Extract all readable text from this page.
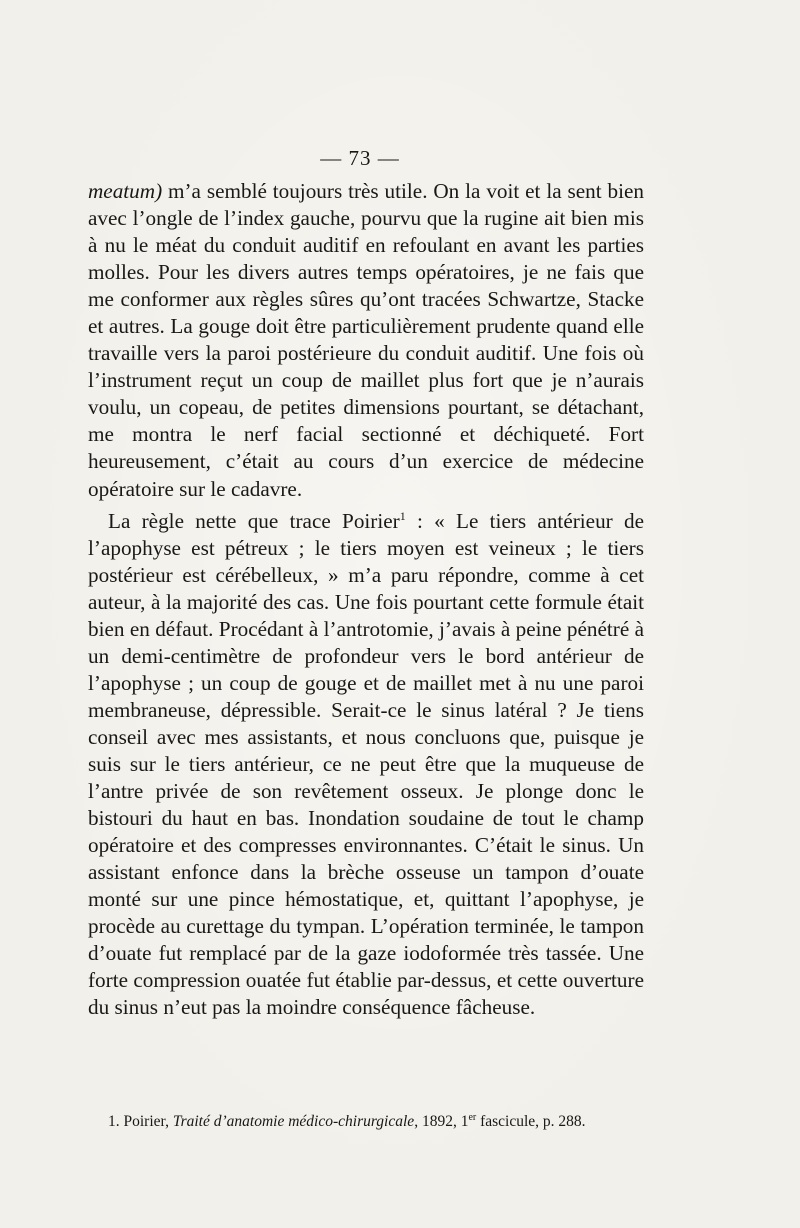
— 73 —

meatum) m’a semblé toujours très utile. On la voit et la sent bien avec l’ongle de l’index gauche, pourvu que la rugine ait bien mis à nu le méat du conduit auditif en refoulant en avant les parties molles. Pour les divers autres temps opératoires, je ne fais que me conformer aux règles sûres qu’ont tracées Schwartze, Stacke et autres. La gouge doit être particulièrement prudente quand elle travaille vers la paroi postérieure du conduit auditif. Une fois où l’instrument reçut un coup de maillet plus fort que je n’aurais voulu, un copeau, de petites dimensions pourtant, se détachant, me montra le nerf facial sectionné et déchiqueté. Fort heureusement, c’était au cours d’un exercice de médecine opératoire sur le cadavre.

La règle nette que trace Poirier$^1$ : « Le tiers antérieur de l’apophyse est pétreux ; le tiers moyen est veineux ; le tiers postérieur est cérébelleux, » m’a paru répondre, comme à cet auteur, à la majorité des cas. Une fois pourtant cette formule était bien en défaut. Procédant à l’antrotomie, j’avais à peine pénétré à un demi-centimètre de profondeur vers le bord antérieur de l’apophyse ; un coup de gouge et de maillet met à nu une paroi membraneuse, dépressible. Serait-ce le sinus latéral ? Je tiens conseil avec mes assistants, et nous concluons que, puisque je suis sur le tiers antérieur, ce ne peut être que la muqueuse de l’antre privée de son revêtement osseux. Je plonge donc le bistouri du haut en bas. Inondation soudaine de tout le champ opératoire et des compresses environnantes. C’était le sinus. Un assistant enfonce dans la brèche osseuse un tampon d’ouate monté sur une pince hémostatique, et, quittant l’apophyse, je procède au curettage du tympan. L’opération terminée, le tampon d’ouate fut remplacé par de la gaze iodoformée très tassée. Une forte compression ouatée fut établie par-dessus, et cette ouverture du sinus n’eut pas la moindre conséquence fâcheuse.

1. Poirier, Traité d’anatomie médico-chirurgicale, 1892, 1er fascicule, p. 288.
